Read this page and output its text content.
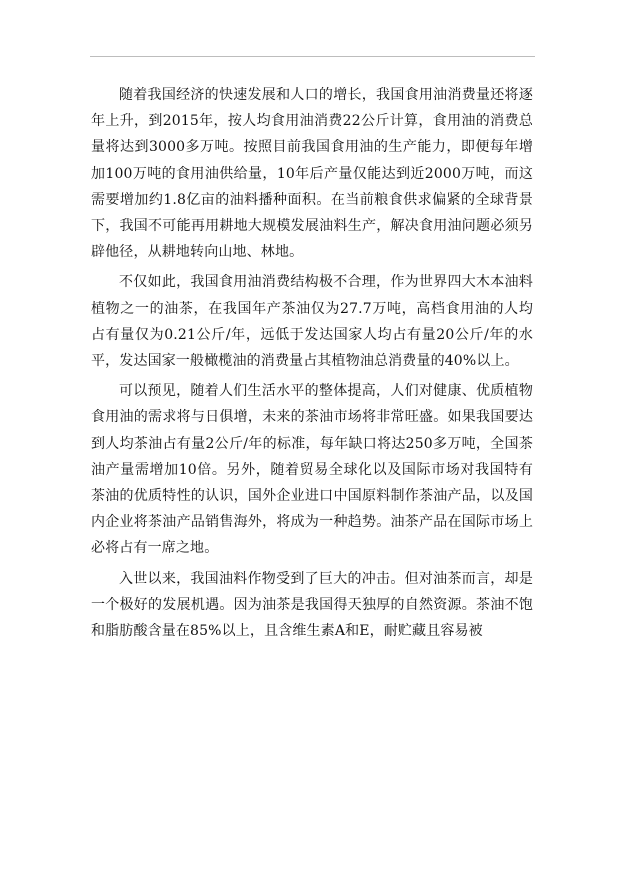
随着我国经济的快速发展和人口的增长，我国食用油消费量还将逐年上升，到2015年，按人均食用油消费22公斤计算，食用油的消费总量将达到3000多万吨。按照目前我国食用油的生产能力，即便每年增加100万吨的食用油供给量，10年后产量仅能达到近2000万吨，而这需要增加约1.8亿亩的油料播种面积。在当前粮食供求偏紧的全球背景下，我国不可能再用耕地大规模发展油料生产，解决食用油问题必须另辟他径，从耕地转向山地、林地。

不仅如此，我国食用油消费结构极不合理，作为世界四大木本油料植物之一的油茶，在我国年产茶油仅为27.7万吨，高档食用油的人均占有量仅为0.21公斤/年，远低于发达国家人均占有量20公斤/年的水平，发达国家一般橄榄油的消费量占其植物油总消费量的40%以上。

可以预见，随着人们生活水平的整体提高，人们对健康、优质植物食用油的需求将与日俱增，未来的茶油市场将非常旺盛。如果我国要达到人均茶油占有量2公斤/年的标准，每年缺口将达250多万吨，全国茶油产量需增加10倍。另外，随着贸易全球化以及国际市场对我国特有茶油的优质特性的认识，国外企业进口中国原料制作茶油产品，以及国内企业将茶油产品销售海外，将成为一种趋势。油茶产品在国际市场上必将占有一席之地。

入世以来，我国油料作物受到了巨大的冲击。但对油茶而言，却是一个极好的发展机遇。因为油茶是我国得天独厚的自然资源。茶油不饱和脂肪酸含量在85%以上，且含维生素A和E，耐贮藏且容易被
